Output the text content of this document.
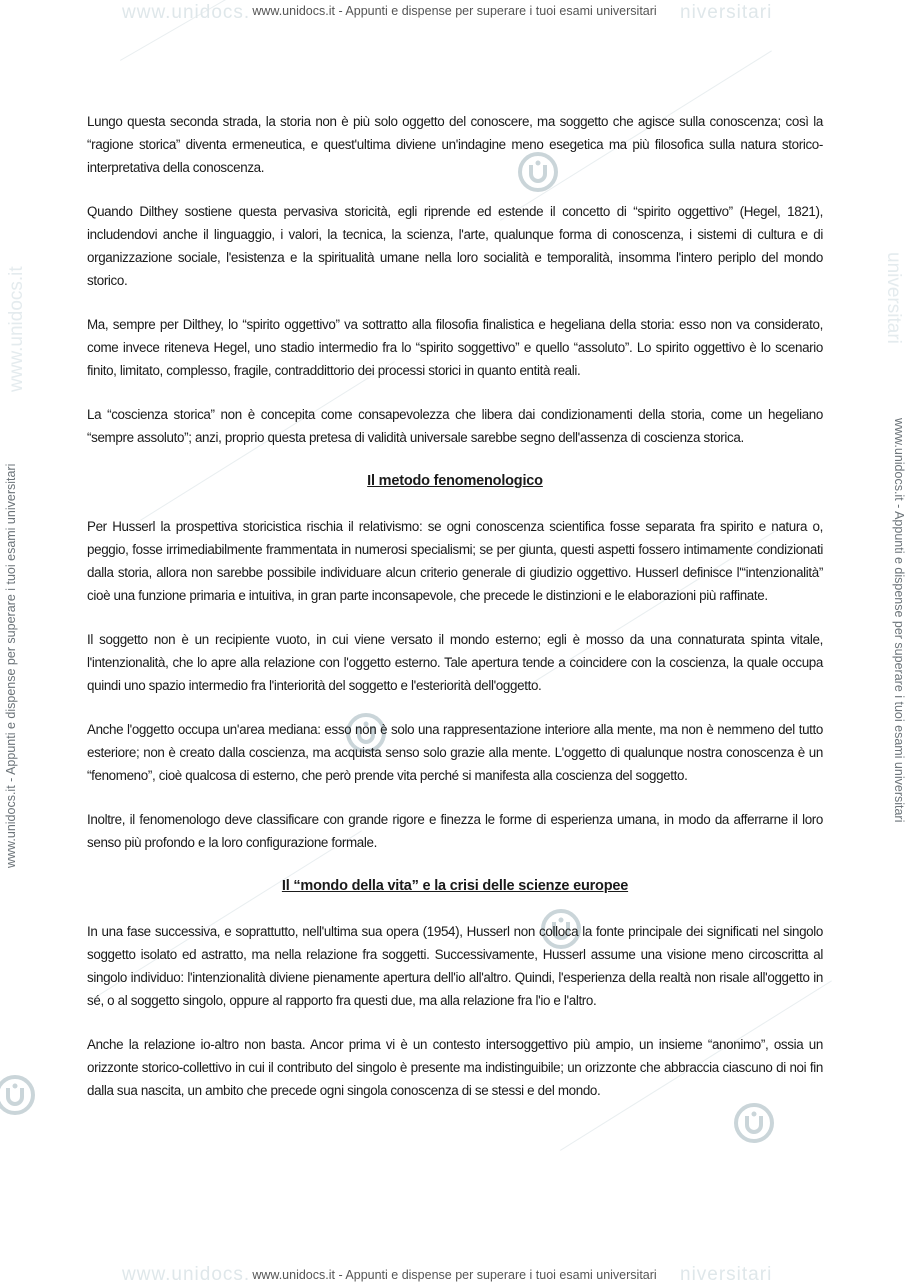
www.unidocs.	niversitari
www.unidocs.	niversitari
www.unidocs.it - Appunti e dispense per superare i tuoi esami universitari
www.unidocs.it - Appunti e dispense per superare i tuoi esami universitari
www.unidocs.it
www.unidocs.it - Appunti e dispense per superare i tuoi esami universitari
universitari
www.unidocs.it - Appunti e dispense per superare i tuoi esami universitari

Lungo questa seconda strada, la storia non è più solo oggetto del conoscere, ma soggetto che agisce sulla conoscenza; così la “ragione storica” diventa ermeneutica, e quest'ultima diviene un'indagine meno esegetica ma più filosofica sulla natura storico-interpretativa della conoscenza.

Quando Dilthey sostiene questa pervasiva storicità, egli riprende ed estende il concetto di “spirito oggettivo” (Hegel, 1821), includendovi anche il linguaggio, i valori, la tecnica, la scienza, l'arte, qualunque forma di conoscenza, i sistemi di cultura e di organizzazione sociale, l'esistenza e la spiritualità umane nella loro socialità e temporalità, insomma l'intero periplo del mondo storico.

Ma, sempre per Dilthey, lo “spirito oggettivo” va sottratto alla filosofia finalistica e hegeliana della storia: esso non va considerato, come invece riteneva Hegel, uno stadio intermedio fra lo “spirito soggettivo” e quello “assoluto”. Lo spirito oggettivo è lo scenario finito, limitato, complesso, fragile, contraddittorio dei processi storici in quanto entità reali.

La “coscienza storica” non è concepita come consapevolezza che libera dai condizionamenti della storia, come un hegeliano “sempre assoluto”; anzi, proprio questa pretesa di validità universale sarebbe segno dell'assenza di coscienza storica.

Il metodo fenomenologico

Per Husserl la prospettiva storicistica rischia il relativismo: se ogni conoscenza scientifica fosse separata fra spirito e natura o, peggio, fosse irrimediabilmente frammentata in numerosi specialismi; se per giunta, questi aspetti fossero intimamente condizionati dalla storia, allora non sarebbe possibile individuare alcun criterio generale di giudizio oggettivo. Husserl definisce l'“intenzionalità” cioè una funzione primaria e intuitiva, in gran parte inconsapevole, che precede le distinzioni e le elaborazioni più raffinate.

Il soggetto non è un recipiente vuoto, in cui viene versato il mondo esterno; egli è mosso da una connaturata spinta vitale, l'intenzionalità, che lo apre alla relazione con l'oggetto esterno. Tale apertura tende a coincidere con la coscienza, la quale occupa quindi uno spazio intermedio fra l'interiorità del soggetto e l'esteriorità dell'oggetto.

Anche l'oggetto occupa un'area mediana: esso non è solo una rappresentazione interiore alla mente, ma non è nemmeno del tutto esteriore; non è creato dalla coscienza, ma acquista senso solo grazie alla mente. L'oggetto di qualunque nostra conoscenza è un “fenomeno”, cioè qualcosa di esterno, che però prende vita perché si manifesta alla coscienza del soggetto.

Inoltre, il fenomenologo deve classificare con grande rigore e finezza le forme di esperienza umana, in modo da afferrarne il loro senso più profondo e la loro configurazione formale.

Il “mondo della vita” e la crisi delle scienze europee

In una fase successiva, e soprattutto, nell'ultima sua opera (1954), Husserl non colloca la fonte principale dei significati nel singolo soggetto isolato ed astratto, ma nella relazione fra soggetti. Successivamente, Husserl assume una visione meno circoscritta al singolo individuo: l'intenzionalità diviene pienamente apertura dell'io all'altro. Quindi, l'esperienza della realtà non risale all'oggetto in sé, o al soggetto singolo, oppure al rapporto fra questi due, ma alla relazione fra l'io e l'altro.

Anche la relazione io-altro non basta. Ancor prima vi è un contesto intersoggettivo più ampio, un insieme “anonimo”, ossia un orizzonte storico-collettivo in cui il contributo del singolo è presente ma indistinguibile; un orizzonte che abbraccia ciascuno di noi fin dalla sua nascita, un ambito che precede ogni singola conoscenza di se stessi e del mondo.
